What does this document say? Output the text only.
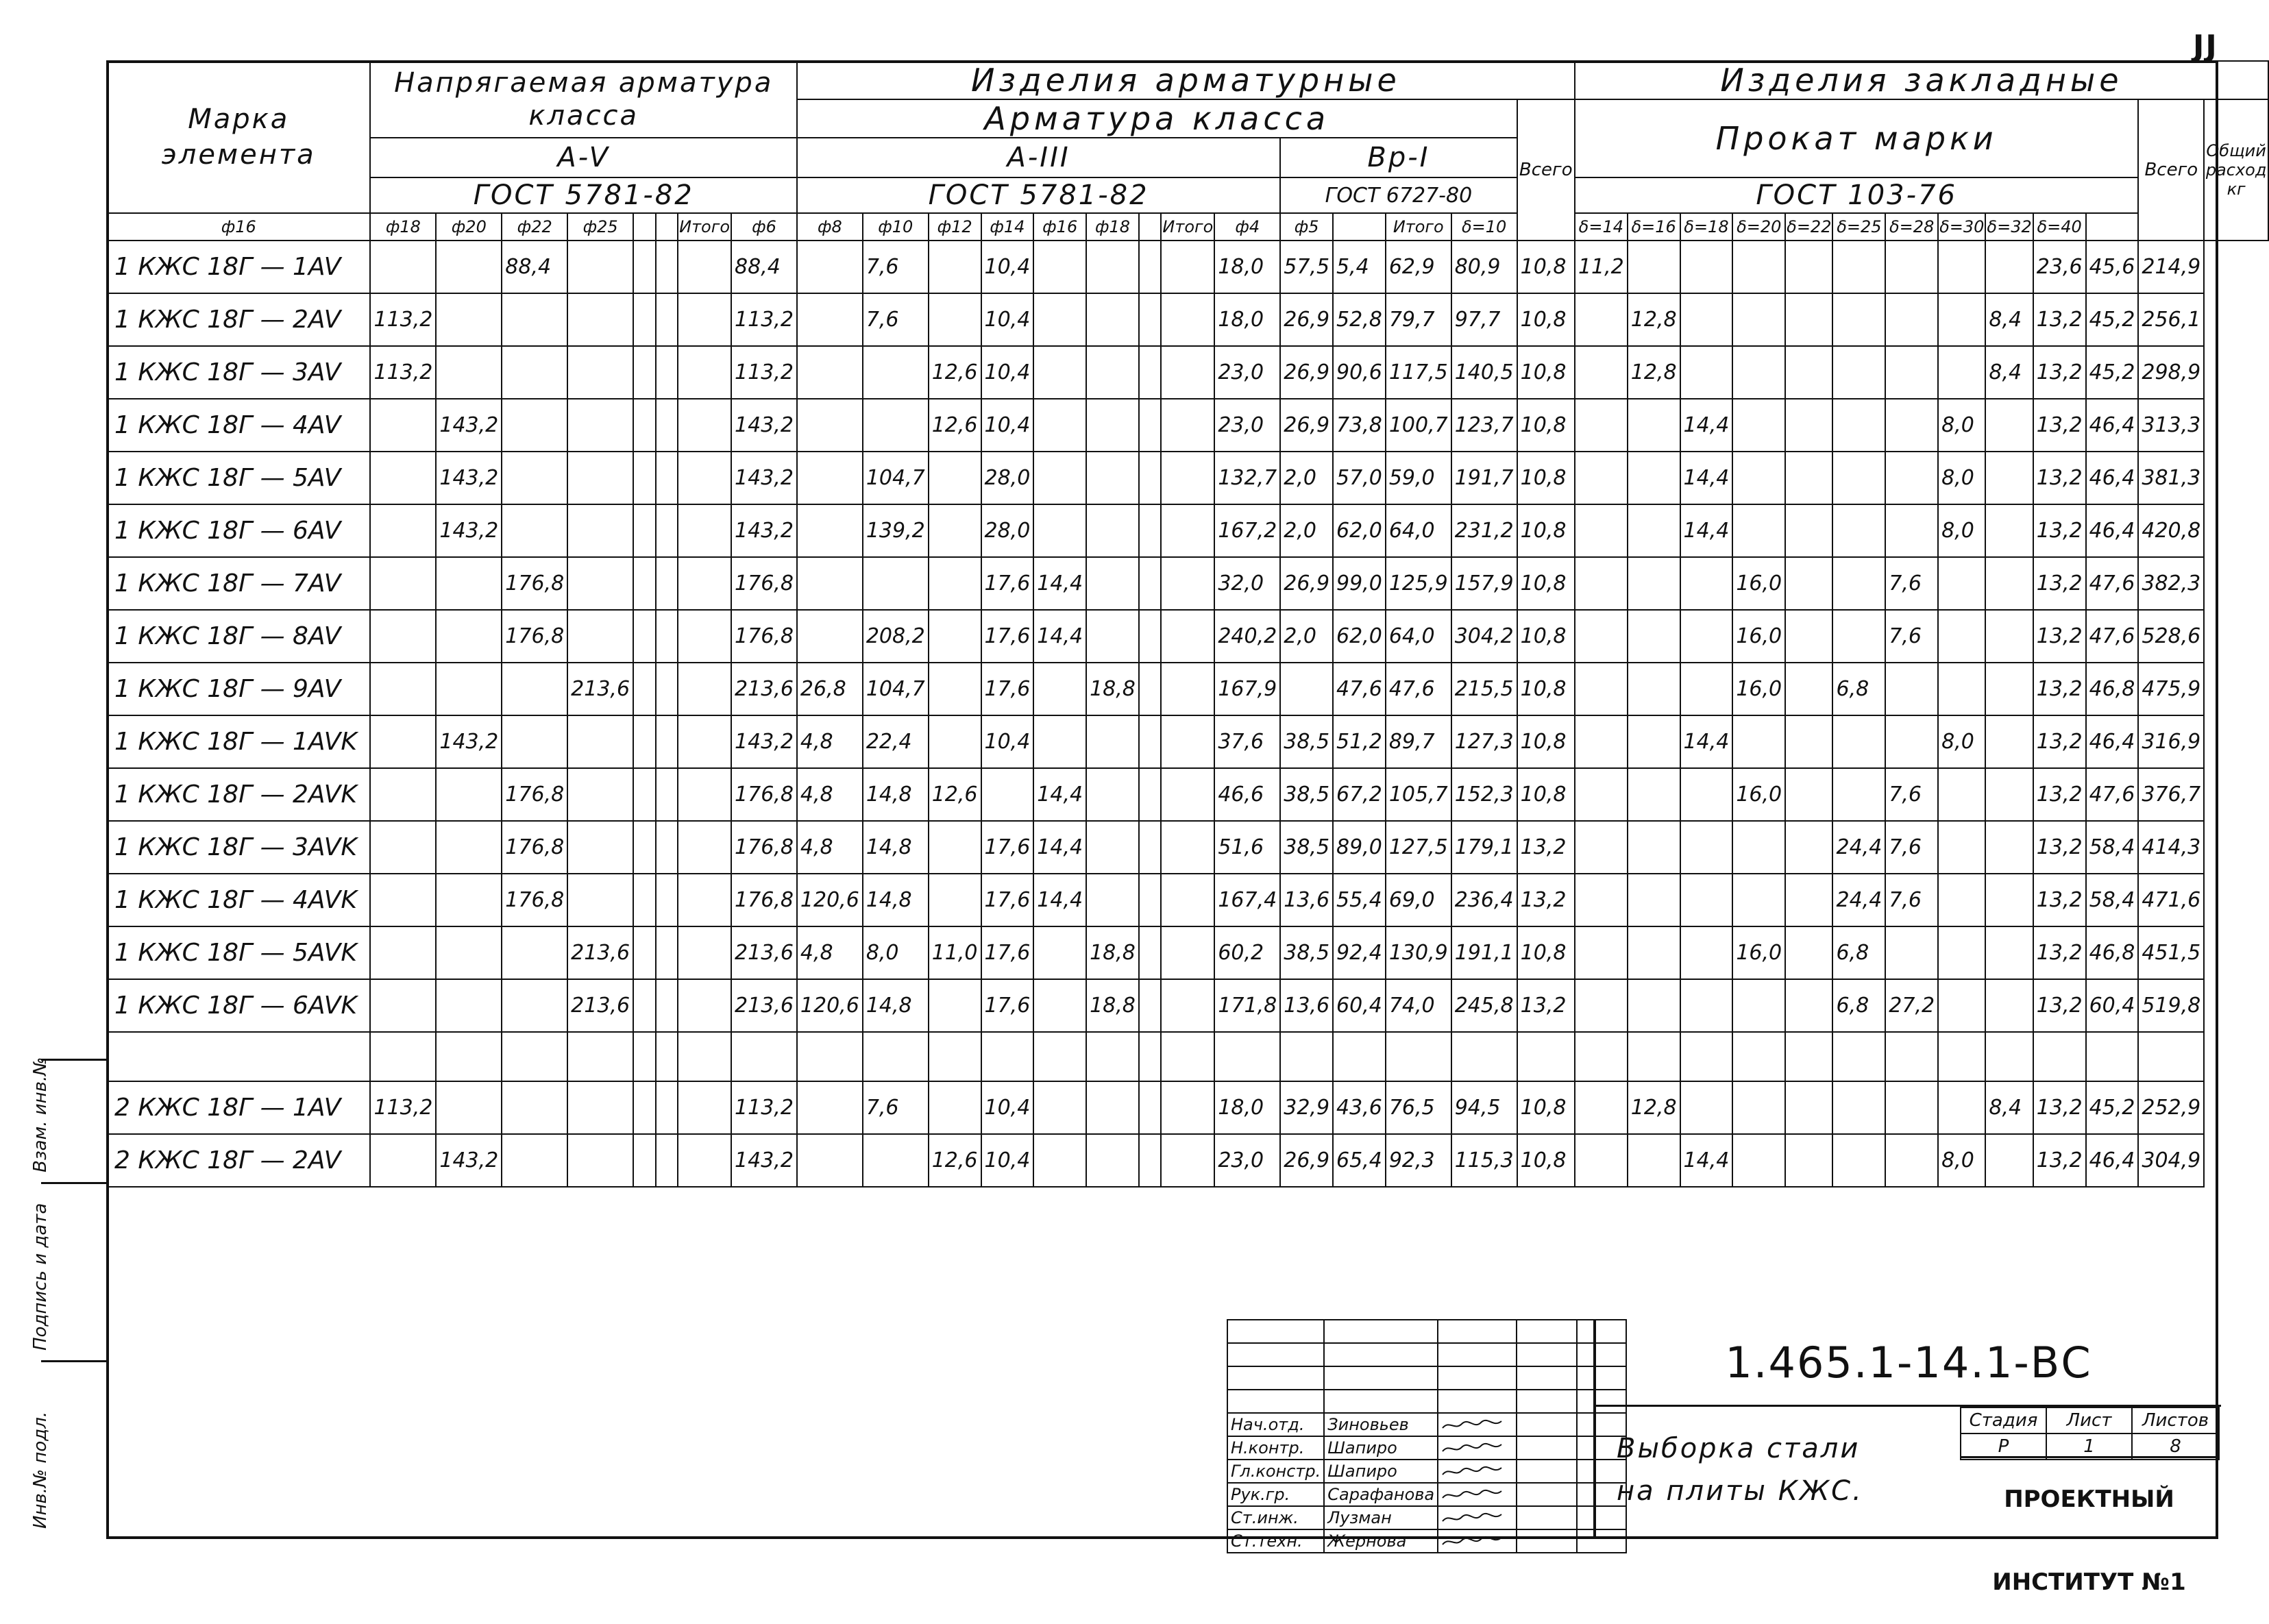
JJ
Марка элемента	Напрягаемая арматура класса								Изделия арматурные														Изделия закладные												
									Арматура класса													Всего	Прокат марки											Всего	Общий расход кг
	A-V								A-III									Вр-I																	
	ГОСТ 5781-82								ГОСТ 5781-82									ГОСТ 6727-80					ГОСТ 103-76												
ф16	ф18	ф20	ф22	ф25			Итого	ф6	ф8	ф10	ф12	ф14	ф16	ф18		Итого	ф4	ф5		Итого	δ=10		δ=14	δ=16	δ=18	δ=20	δ=22	δ=25	δ=28	δ=30	δ=32	δ=40			
1 КЖС 18Г — 1AV			88,4					88,4		7,6		10,4					18,0	57,5	5,4	62,9	80,9	10,8	11,2									23,6	45,6	214,9	
1 КЖС 18Г — 2AV	113,2							113,2		7,6		10,4					18,0	26,9	52,8	79,7	97,7	10,8		12,8							8,4	13,2	45,2	256,1	
1 КЖС 18Г — 3AV	113,2							113,2			12,6	10,4					23,0	26,9	90,6	117,5	140,5	10,8		12,8							8,4	13,2	45,2	298,9	
1 КЖС 18Г — 4AV		143,2						143,2			12,6	10,4					23,0	26,9	73,8	100,7	123,7	10,8			14,4					8,0		13,2	46,4	313,3	
1 КЖС 18Г — 5AV		143,2						143,2		104,7		28,0					132,7	2,0	57,0	59,0	191,7	10,8			14,4					8,0		13,2	46,4	381,3	
1 КЖС 18Г — 6AV		143,2						143,2		139,2		28,0					167,2	2,0	62,0	64,0	231,2	10,8			14,4					8,0		13,2	46,4	420,8	
1 КЖС 18Г — 7AV			176,8					176,8				17,6	14,4				32,0	26,9	99,0	125,9	157,9	10,8				16,0			7,6			13,2	47,6	382,3	
1 КЖС 18Г — 8AV			176,8					176,8		208,2		17,6	14,4				240,2	2,0	62,0	64,0	304,2	10,8				16,0			7,6			13,2	47,6	528,6	
1 КЖС 18Г — 9AV				213,6				213,6	26,8	104,7		17,6		18,8			167,9		47,6	47,6	215,5	10,8				16,0		6,8				13,2	46,8	475,9	
1 КЖС 18Г — 1AVK		143,2						143,2	4,8	22,4		10,4					37,6	38,5	51,2	89,7	127,3	10,8			14,4					8,0		13,2	46,4	316,9	
1 КЖС 18Г — 2AVK			176,8					176,8	4,8	14,8	12,6		14,4				46,6	38,5	67,2	105,7	152,3	10,8				16,0			7,6			13,2	47,6	376,7	
1 КЖС 18Г — 3AVK			176,8					176,8	4,8	14,8		17,6	14,4				51,6	38,5	89,0	127,5	179,1	13,2						24,4	7,6			13,2	58,4	414,3	
1 КЖС 18Г — 4AVK			176,8					176,8	120,6	14,8		17,6	14,4				167,4	13,6	55,4	69,0	236,4	13,2						24,4	7,6			13,2	58,4	471,6	
1 КЖС 18Г — 5AVK				213,6				213,6	4,8	8,0	11,0	17,6		18,8			60,2	38,5	92,4	130,9	191,1	10,8				16,0		6,8				13,2	46,8	451,5	
1 КЖС 18Г — 6AVK				213,6				213,6	120,6	14,8		17,6		18,8			171,8	13,6	60,4	74,0	245,8	13,2						6,8	27,2			13,2	60,4	519,8	

2 КЖС 18Г — 1AV	113,2							113,2		7,6		10,4					18,0	32,9	43,6	76,5	94,5	10,8		12,8							8,4	13,2	45,2	252,9	
2 КЖС 18Г — 2AV		143,2						143,2			12,6	10,4					23,0	26,9	65,4	92,3	115,3	10,8			14,4					8,0		13,2	46,4	304,9	
Взам. инв.№
Подпись и дата
Инв.№ подл.

					Нач.отд.	Зиновьев			
Н.контр.	Шапиро			
Гл.констр.	Шапиро			
Рук.гр.	Сарафанова			
Ст.инж.	Лузман			
Ст.техн.	Жернова			
1.465.1-14.1-ВС
Выборка стали
на плиты КЖС.
Стадия	Лист	Листов
Р	1	8
ПРОЕКТНЫЙ ИНСТИТУТ №1
